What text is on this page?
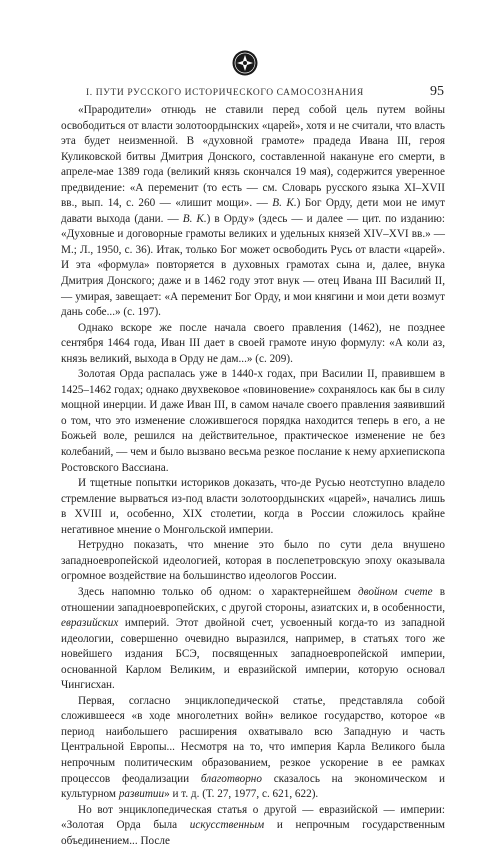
I. ПУТИ РУССКОГО ИСТОРИЧЕСКОГО САМОСОЗНАНИЯ	95

«Прародители» отнюдь не ставили перед собой цель путем войны освободиться от власти золотоордынских «царей», хотя и не считали, что власть эта будет неизменной. В «духовной грамоте» прадеда Ивана III, героя Куликовской битвы Дмитрия Донского, составленной накануне его смерти, в апреле-мае 1389 года (великий князь скончался 19 мая), содержится уверенное предвидение: «А переменит (то есть — см. Словарь русского языка XI–XVII вв., вып. 14, с. 260 — «лишит мощи». — В. К.) Бог Орду, дети мои не имут давати выхода (дани. — В. К.) в Орду» (здесь — и далее — цит. по изданию: «Духовные и договорные грамоты великих и удельных князей XIV–XVI вв.» — М.; Л., 1950, с. 36). Итак, только Бог может освободить Русь от власти «царей». И эта «формула» повторяется в духовных грамотах сына и, далее, внука Дмитрия Донского; даже и в 1462 году этот внук — отец Ивана III Василий II, — умирая, завещает: «А переменит Бог Орду, и мои княгини и мои дети возмут дань собе...» (с. 197).

Однако вскоре же после начала своего правления (1462), не позднее сентября 1464 года, Иван III дает в своей грамоте иную формулу: «А коли аз, князь великий, выхода в Орду не дам...» (с. 209).

Золотая Орда распалась уже в 1440-х годах, при Василии II, правившем в 1425–1462 годах; однако двухвековое «повиновение» сохранялось как бы в силу мощной инерции. И даже Иван III, в самом начале своего правления заявивший о том, что это изменение сложившегося порядка находится теперь в его, а не Божьей воле, решился на действительное, практическое изменение не без колебаний, — чем и было вызвано весьма резкое послание к нему архиепископа Ростовского Вассиана.

И тщетные попытки историков доказать, что-де Русью неотступно владело стремление вырваться из-под власти золотоордынских «царей», начались лишь в XVIII и, особенно, XIX столетии, когда в России сложилось крайне негативное мнение о Монгольской империи.

Нетрудно показать, что мнение это было по сути дела внушено западноевропейской идеологией, которая в послепетровскую эпоху оказывала огромное воздействие на большинство идеологов России.

Здесь напомню только об одном: о характернейшем двойном счете в отношении западноевропейских, с другой стороны, азиатских и, в особенности, евразийских империй. Этот двойной счет, усвоенный когда-то из западной идеологии, совершенно очевидно выразился, например, в статьях того же новейшего издания БСЭ, посвященных западноевропейской империи, основанной Карлом Великим, и евразийской империи, которую основал Чингисхан.

Первая, согласно энциклопедической статье, представляла собой сложившееся «в ходе многолетних войн» великое государство, которое «в период наибольшего расширения охватывало всю Западную и часть Центральной Европы... Несмотря на то, что империя Карла Великого была непрочным политическим образованием, резкое ускорение в ее рамках процессов феодализации благотворно сказалось на экономическом и культурном развитии» и т. д. (Т. 27, 1977, с. 621, 622).

Но вот энциклопедическая статья о другой — евразийской — империи: «Золотая Орда была искусственным и непрочным государственным объединением... После
